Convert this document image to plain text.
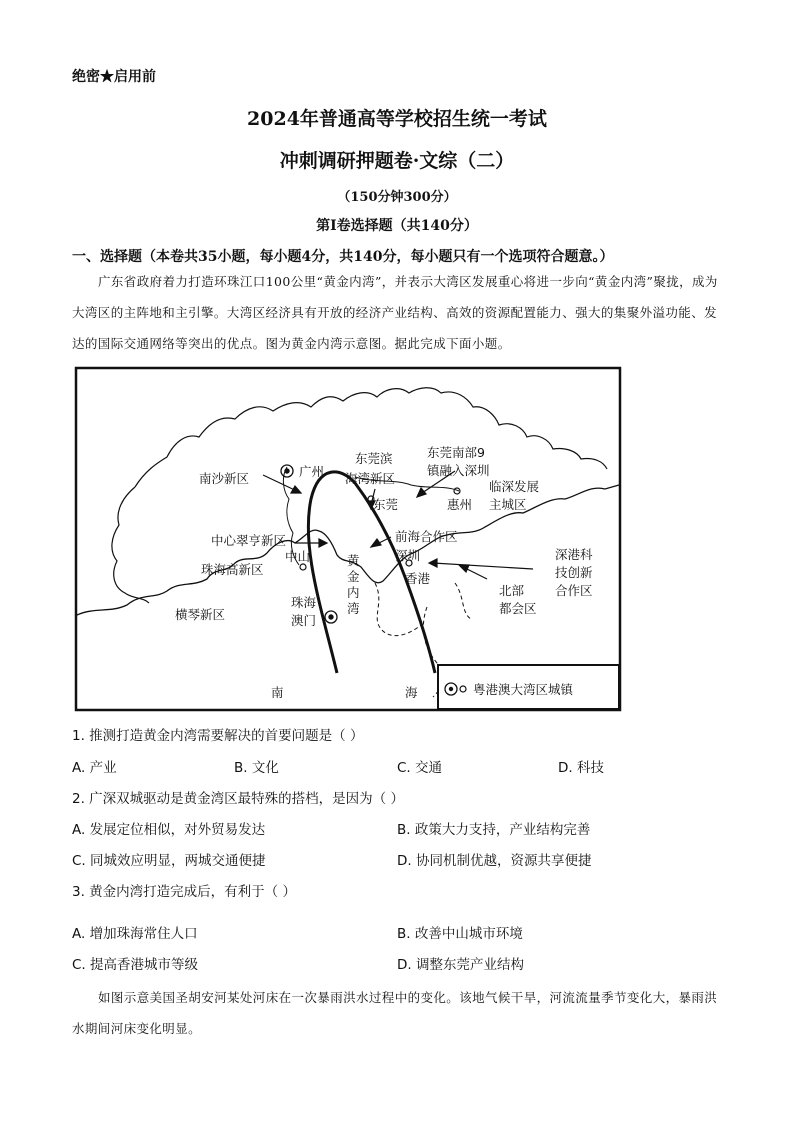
绝密★启用前
2024年普通高等学校招生统一考试
冲刺调研押题卷·文综（二）
（150分钟300分）
第I卷选择题（共140分）
一、选择题（本卷共35小题，每小题4分，共140分，每小题只有一个选项符合题意。）
广东省政府着力打造环珠江口100公里“黄金内湾”，并表示大湾区发展重心将进一步向“黄金内湾”聚拢，成为大湾区的主阵地和主引擎。大湾区经济具有开放的经济产业结构、高效的资源配置能力、强大的集聚外溢功能、发达的国际交通网络等突出的优点。图为黄金内湾示意图。据此完成下面小题。
南沙新区	广州
东莞滨
海湾新区
东莞南部9
镇融入深圳
东莞	惠州
临深发展
主城区
中心翠亨新区
中山
前海合作区
深圳
珠海高新区
黄
金
内
湾
香港
深港科
技创新
合作区
珠海
澳门
横琴新区
北部
都会区
南	海	粤港澳大湾区城镇
1. 推测打造黄金内湾需要解决的首要问题是（ ）
A. 产业	B. 文化	C. 交通	D. 科技
2. 广深双城驱动是黄金湾区最特殊的搭档，是因为（ ）
A. 发展定位相似，对外贸易发达	B. 政策大力支持，产业结构完善
C. 同城效应明显，两城交通便捷	D. 协同机制优越，资源共享便捷
3. 黄金内湾打造完成后，有利于（ ）
A. 增加珠海常住人口	B. 改善中山城市环境
C. 提高香港城市等级	D. 调整东莞产业结构
如图示意美国圣胡安河某处河床在一次暴雨洪水过程中的变化。该地气候干旱，河流流量季节变化大，暴雨洪水期间河床变化明显。
